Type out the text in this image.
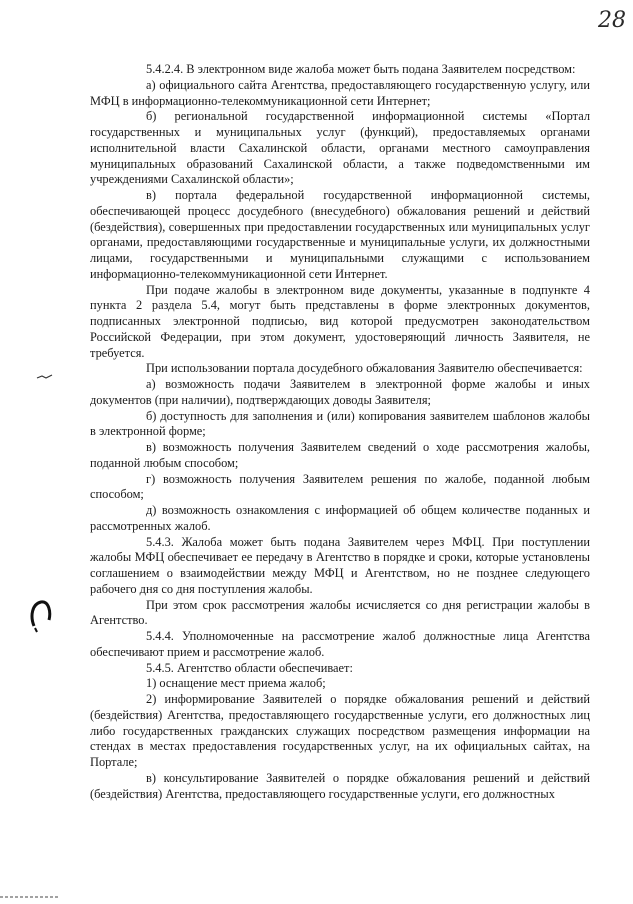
28

5.4.2.4. В электронном виде жалоба может быть подана Заявителем посредством:

а) официального сайта Агентства, предоставляющего государственную услугу, или МФЦ в информационно-телекоммуникационной сети Интернет;

б) региональной государственной информационной системы «Портал государственных и муниципальных услуг (функций), предоставляемых органами исполнительной власти Сахалинской области, органами местного самоуправления муниципальных образований Сахалинской области, а также подведомственными им учреждениями Сахалинской области»;

в) портала федеральной государственной информационной системы, обеспечивающей процесс досудебного (внесудебного) обжалования решений и действий (бездействия), совершенных при предоставлении государственных или муниципальных услуг органами, предоставляющими государственные и муниципальные услуги, их должностными лицами, государственными и муниципальными служащими с использованием информационно-телекоммуникационной сети Интернет.

При подаче жалобы в электронном виде документы, указанные в подпункте 4 пункта 2 раздела 5.4, могут быть представлены в форме электронных документов, подписанных электронной подписью, вид которой предусмотрен законодательством Российской Федерации, при этом документ, удостоверяющий личность Заявителя, не требуется.

При использовании портала досудебного обжалования Заявителю обеспечивается:

а) возможность подачи Заявителем в электронной форме жалобы и иных документов (при наличии), подтверждающих доводы Заявителя;

б) доступность для заполнения и (или) копирования заявителем шаблонов жалобы в электронной форме;

в) возможность получения Заявителем сведений о ходе рассмотрения жалобы, поданной любым способом;

г) возможность получения Заявителем решения по жалобе, поданной любым способом;

д) возможность ознакомления с информацией об общем количестве поданных и рассмотренных жалоб.

5.4.3. Жалоба может быть подана Заявителем через МФЦ. При поступлении жалобы МФЦ обеспечивает ее передачу в Агентство в порядке и сроки, которые установлены соглашением о взаимодействии между МФЦ и Агентством, но не позднее следующего рабочего дня со дня поступления жалобы.

При этом срок рассмотрения жалобы исчисляется со дня регистрации жалобы в Агентство.

5.4.4. Уполномоченные на рассмотрение жалоб должностные лица Агентства обеспечивают прием и рассмотрение жалоб.

5.4.5. Агентство области обеспечивает:

1) оснащение мест приема жалоб;

2) информирование Заявителей о порядке обжалования решений и действий (бездействия) Агентства, предоставляющего государственные услуги, его должностных лиц либо государственных гражданских служащих посредством размещения информации на стендах в местах предоставления государственных услуг, на их официальных сайтах, на Портале;

в) консультирование Заявителей о порядке обжалования решений и действий (бездействия) Агентства, предоставляющего государственные услуги, его должностных
